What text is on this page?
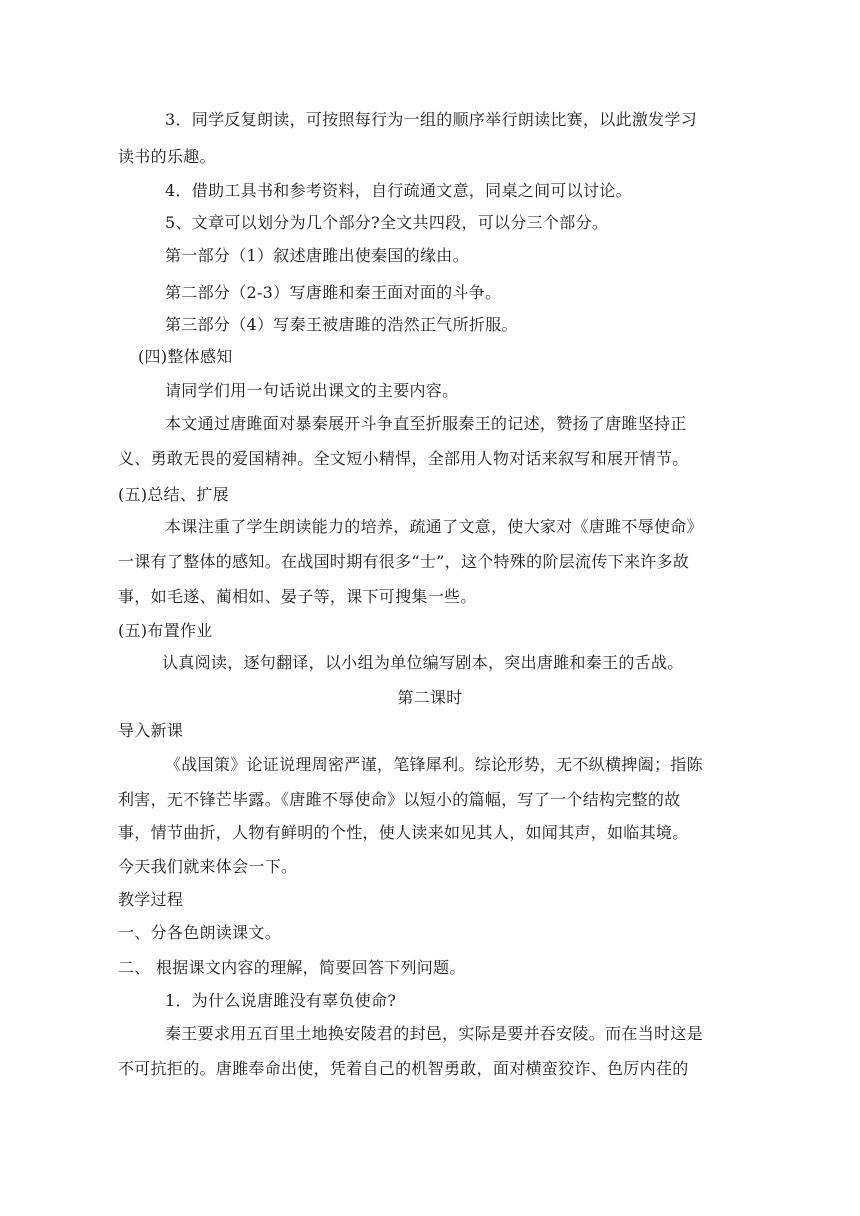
3．同学反复朗读，可按照每行为一组的顺序举行朗读比赛，以此激发学习
读书的乐趣。
4．借助工具书和参考资料，自行疏通文意，同桌之间可以讨论。
5、文章可以划分为几个部分?全文共四段，可以分三个部分。
第一部分（1）叙述唐雎出使秦国的缘由。
第二部分（2-3）写唐雎和秦王面对面的斗争。
第三部分（4）写秦王被唐雎的浩然正气所折服。
(四)整体感知
请同学们用一句话说出课文的主要内容。
本文通过唐雎面对暴秦展开斗争直至折服秦王的记述，赞扬了唐雎坚持正
义、勇敢无畏的爱国精神。全文短小精悍，全部用人物对话来叙写和展开情节。
(五)总结、扩展
本课注重了学生朗读能力的培养，疏通了文意，使大家对《唐雎不辱使命》
一课有了整体的感知。在战国时期有很多“士”，这个特殊的阶层流传下来许多故
事，如毛遂、蔺相如、晏子等，课下可搜集一些。
(五)布置作业
认真阅读，逐句翻译，以小组为单位编写剧本，突出唐雎和秦王的舌战。
第二课时
导入新课
《战国策》论证说理周密严谨，笔锋犀利。综论形势，无不纵横捭阖；指陈
利害，无不锋芒毕露。《唐雎不辱使命》以短小的篇幅，写了一个结构完整的故
事，情节曲折，人物有鲜明的个性，使人读来如见其人，如闻其声，如临其境。
今天我们就来体会一下。
教学过程
一、分各色朗读课文。
二、 根据课文内容的理解，简要回答下列问题。
1．为什么说唐雎没有辜负使命?
秦王要求用五百里土地换安陵君的封邑，实际是要并吞安陵。而在当时这是
不可抗拒的。唐雎奉命出使，凭着自己的机智勇敢，面对横蛮狡诈、色厉内荏的
